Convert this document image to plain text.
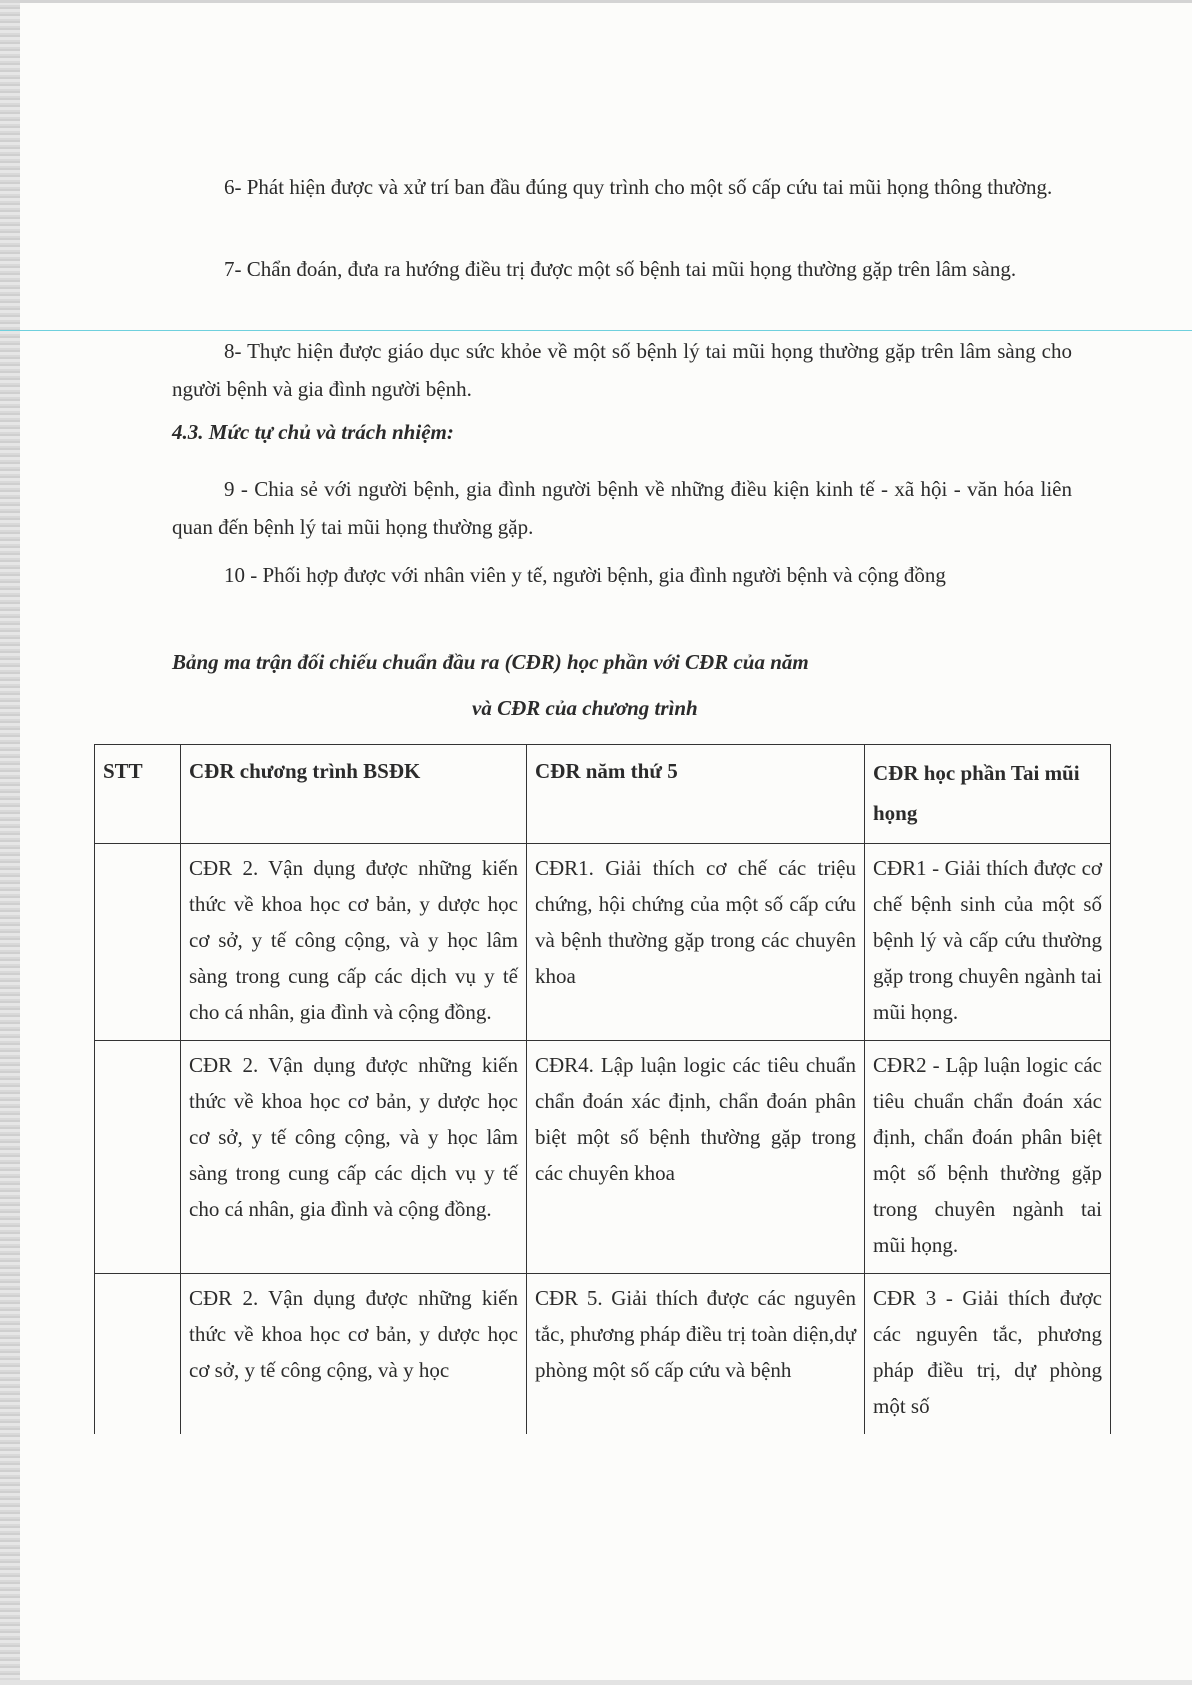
6- Phát hiện được và xử trí ban đầu đúng quy trình cho một số cấp cứu tai mũi họng thông thường.
7- Chẩn đoán, đưa ra hướng điều trị được một số bệnh tai mũi họng thường gặp trên lâm sàng.
8- Thực hiện được giáo dục sức khỏe về một số bệnh lý tai mũi họng thường gặp trên lâm sàng cho người bệnh và gia đình người bệnh.
4.3. Mức tự chủ và trách nhiệm:
9 - Chia sẻ với người bệnh, gia đình người bệnh về những điều kiện kinh tế - xã hội - văn hóa liên quan đến bệnh lý tai mũi họng thường gặp.
10 - Phối hợp được với nhân viên y tế, người bệnh, gia đình người bệnh và cộng đồng
Bảng ma trận đối chiếu chuẩn đầu ra (CĐR) học phần với CĐR của năm
và CĐR của chương trình
STT	CĐR chương trình BSĐK	CĐR năm thứ 5	CĐR học phần Tai mũi họng
	CĐR 2. Vận dụng được những kiến thức về khoa học cơ bản, y dược học cơ sở, y tế công cộng, và y học lâm sàng trong cung cấp các dịch vụ y tế cho cá nhân, gia đình và cộng đồng.	CĐR1. Giải thích cơ chế các triệu chứng, hội chứng của một số cấp cứu và bệnh thường gặp trong các chuyên khoa	CĐR1 - Giải thích được cơ chế bệnh sinh của một số bệnh lý và cấp cứu thường gặp trong chuyên ngành tai mũi họng.
	CĐR 2. Vận dụng được những kiến thức về khoa học cơ bản, y dược học cơ sở, y tế công cộng, và y học lâm sàng trong cung cấp các dịch vụ y tế cho cá nhân, gia đình và cộng đồng.	CĐR4. Lập luận logic các tiêu chuẩn chẩn đoán xác định, chẩn đoán phân biệt một số bệnh thường gặp trong các chuyên khoa	CĐR2 - Lập luận logic các tiêu chuẩn chẩn đoán xác định, chẩn đoán phân biệt một số bệnh thường gặp trong chuyên ngành tai mũi họng.
	CĐR 2. Vận dụng được những kiến thức về khoa học cơ bản, y dược học cơ sở, y tế công cộng, và y học	CĐR 5. Giải thích được các nguyên tắc, phương pháp điều trị toàn diện,dự phòng một số cấp cứu và bệnh	CĐR 3 - Giải thích được các nguyên tắc, phương pháp điều trị, dự phòng một số
